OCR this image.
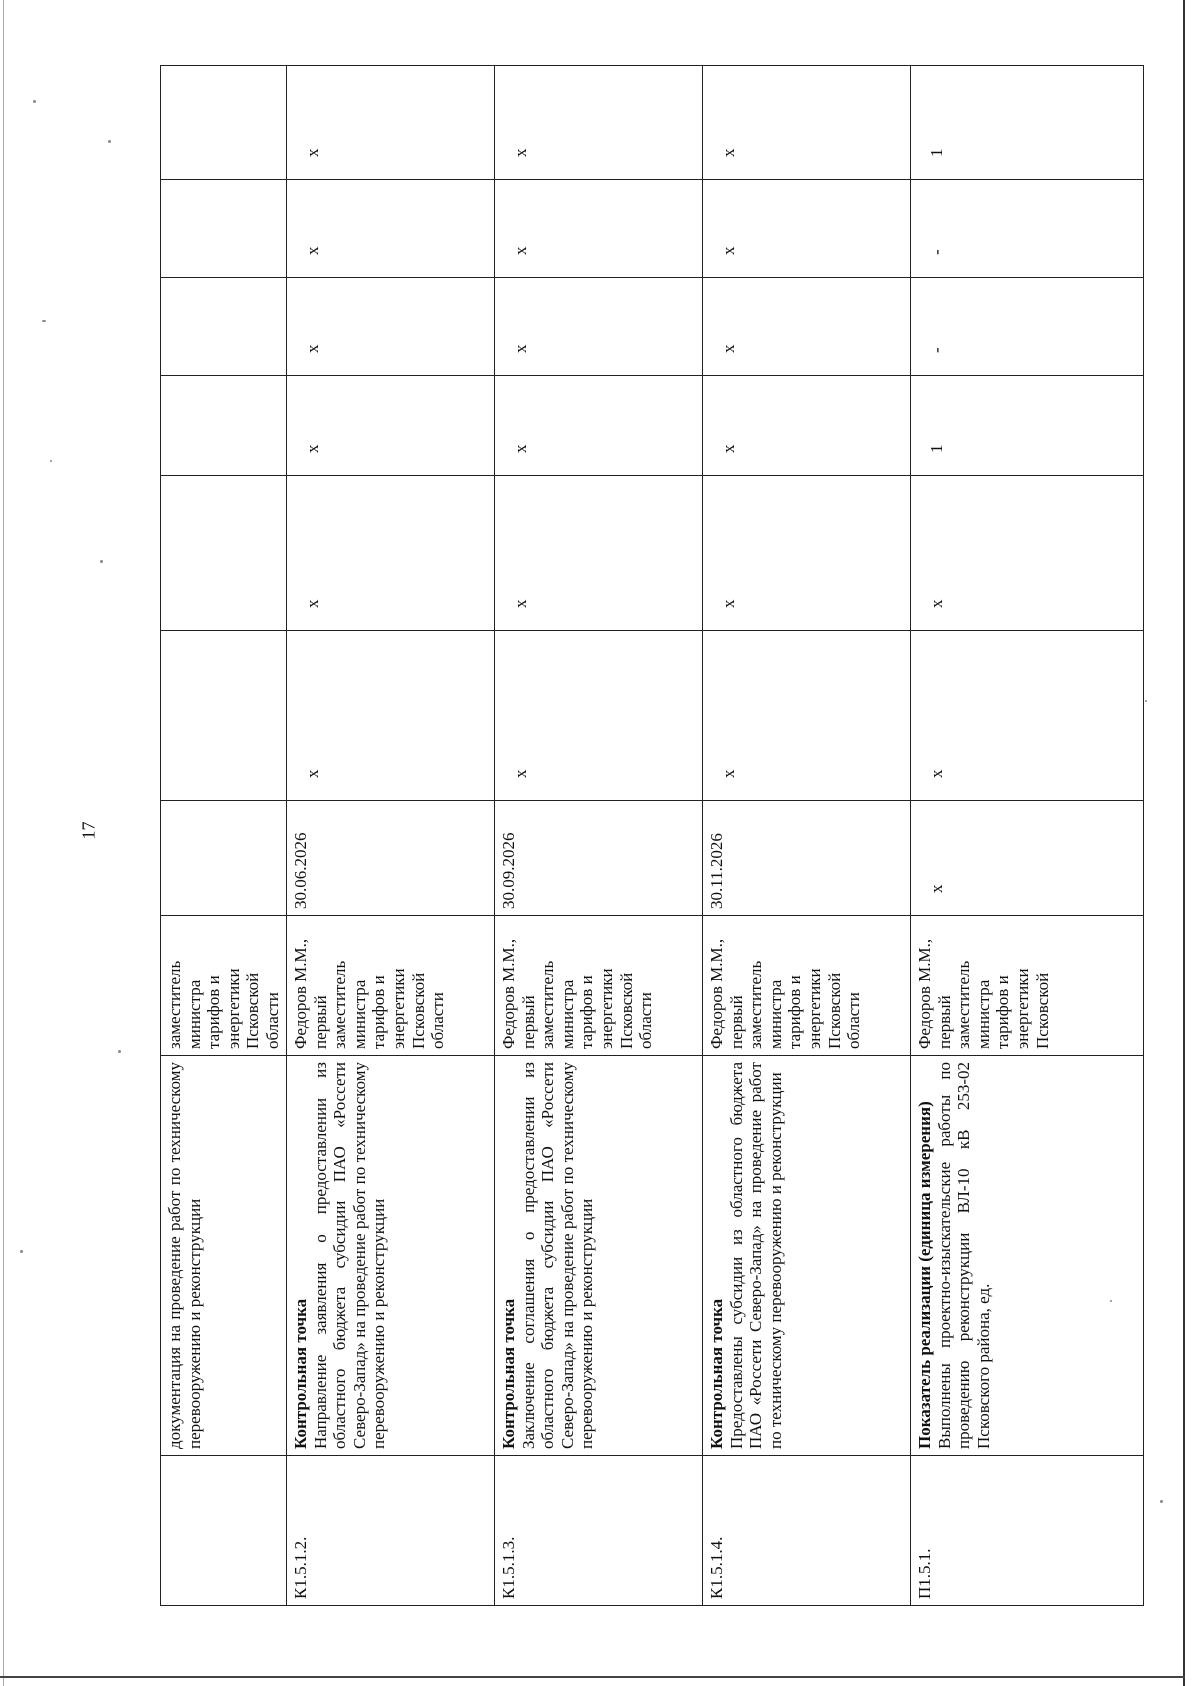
17

	документация на проведение работ по техническому перевооружению и реконструкции	заместитель министра тарифов и энергетики Псковской области							

К1.5.1.2.	Контрольная точка Направление заявления о предоставлении из областного бюджета субсидии ПАО «Россети Северо-Запад» на проведение работ по техническому перевооружению и реконструкции	Федоров М.М., первый заместитель министра тарифов и энергетики Псковской области	30.06.2026	x	x	x	x	x	x
К1.5.1.3.	Контрольная точка Заключение соглашения о предоставлении из областного бюджета субсидии ПАО «Россети Северо-Запад» на проведение работ по техническому перевооружению и реконструкции	Федоров М.М., первый заместитель министра тарифов и энергетики Псковской области	30.09.2026	x	x	x	x	x	x
К1.5.1.4.	Контрольная точка Предоставлены субсидии из областного бюджета ПАО «Россети Северо-Запад» на проведение работ по техническому перевооружению и реконструкции	Федоров М.М., первый заместитель министра тарифов и энергетики Псковской области	30.11.2026	x	x	x	x	x	x
П1.5.1.	Показатель реализации (единица измерения) Выполнены проектно-изыскательские работы по проведению реконструкции ВЛ-10 кВ 253-02 Псковского района, ед.	Федоров М.М., первый заместитель министра тарифов и энергетики Псковской	x	x	x	1	-	-	1
